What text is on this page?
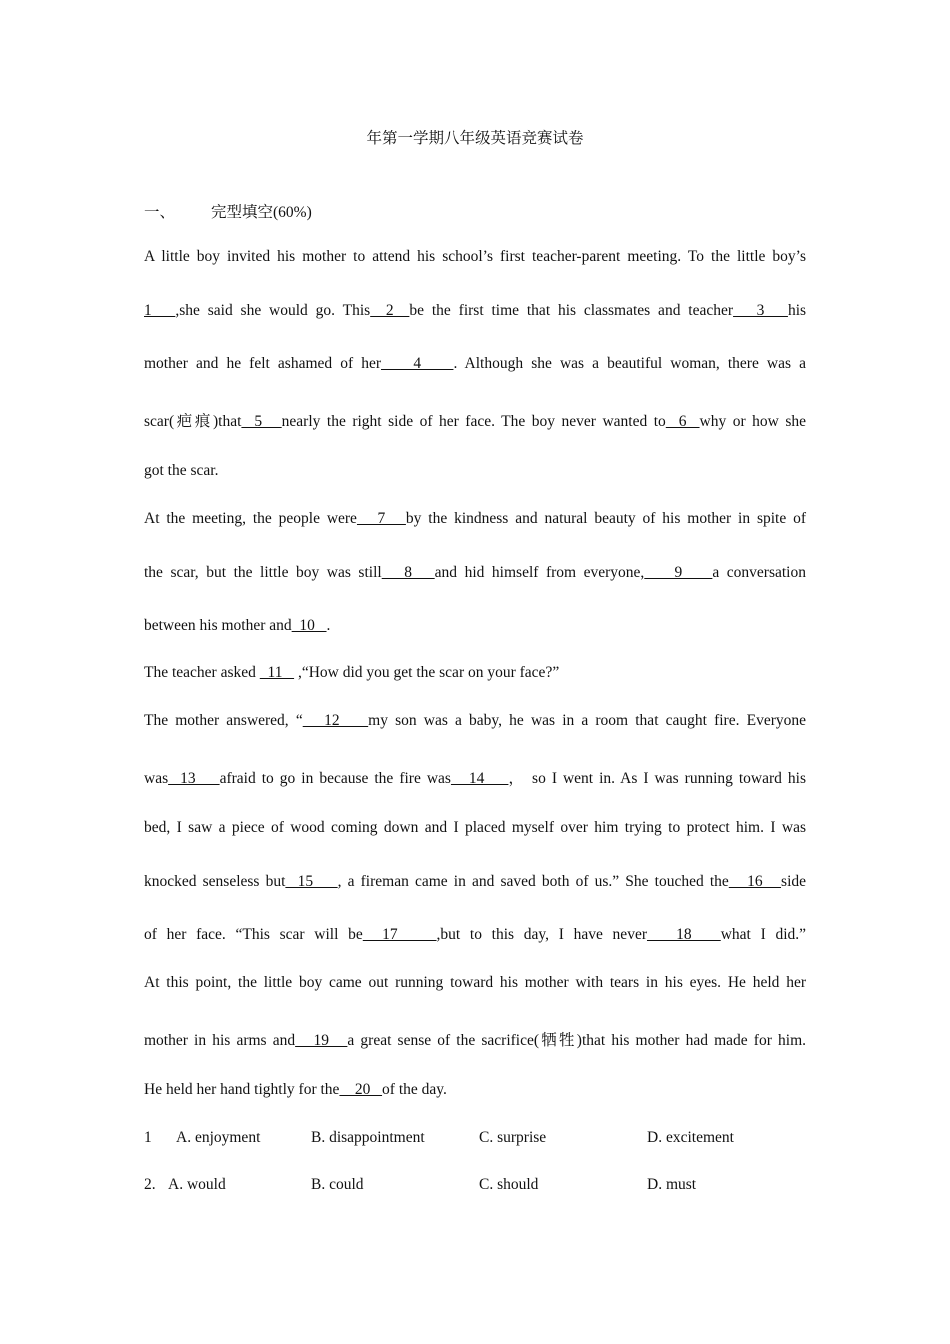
年第一学期八年级英语竞赛试卷
一、 完型填空(60%)
A little boy invited his mother to attend his school’s first teacher-parent meeting. To the little boy’s
1   ,she said she would go. This  2  be the first time that his classmates and teacher   3   his
mother and he felt ashamed of her    4    . Although she was a beautiful woman, there was a
scar(疤痕)that  5   nearly the right side of her face. The boy never wanted to  6  why or how she
got the scar.
At the meeting, the people were   7   by the kindness and natural beauty of his mother in spite of
the scar, but the little boy was still   8   and hid himself from everyone,    9    a conversation
between his mother and  10   .
The teacher asked   11    ,“How did you get the scar on your face?”
The mother answered, “   12    my son was a baby, he was in a room that caught fire. Everyone
was  13    afraid to go in because the fire was   14    ， so I went in. As I was running toward his
bed, I saw a piece of wood coming down and I placed myself over him trying to protect him. I was
knocked senseless but  15    , a fireman came in and saved both of us.” She touched the   16   side
of her face. “This scar will be  17    ,but to this day, I have never   18   what I did.”
At this point, the little boy came out running toward his mother with tears in his eyes. He held her
mother in his arms and   19   a great sense of the sacrifice(牺牲)that his mother had made for him.
He held her hand tightly for the    20   of the day.
1 A. enjoyment	B. disappointment	C. surprise	D. excitement
2. A. would	B. could	C. should	D. must
